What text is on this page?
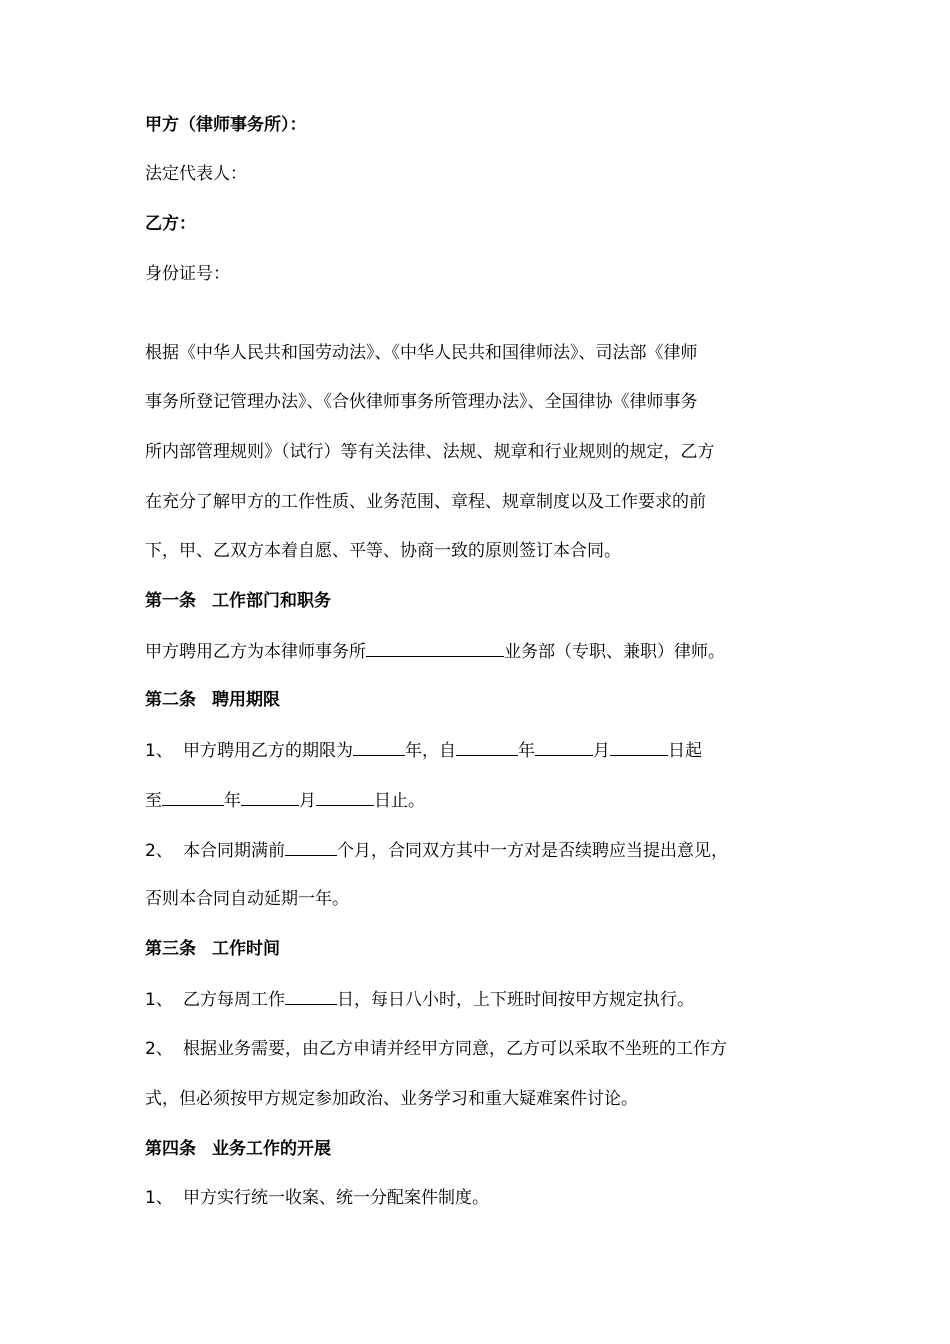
甲方（律师事务所）：
法定代表人：
乙方：
身份证号：
根据《中华人民共和国劳动法》、《中华人民共和国律师法》、司法部《律师
事务所登记管理办法》、《合伙律师事务所管理办法》、全国律协《律师事务
所内部管理规则》（试行）等有关法律、法规、规章和行业规则的规定，乙方
在充分了解甲方的工作性质、业务范围、章程、规章制度以及工作要求的前
下，甲、乙双方本着自愿、平等、协商一致的原则签订本合同。
第一条 工作部门和职务
甲方聘用乙方为本律师事务所	业务部（专职、兼职）律师。
第二条 聘用期限
1、 甲方聘用乙方的期限为	年，自	年	月	日起
至	年	月	日止。
2、 本合同期满前	个月，合同双方其中一方对是否续聘应当提出意见，
否则本合同自动延期一年。
第三条 工作时间
1、 乙方每周工作	日，每日八小时，上下班时间按甲方规定执行。
2、 根据业务需要，由乙方申请并经甲方同意，乙方可以采取不坐班的工作方
式，但必须按甲方规定参加政治、业务学习和重大疑难案件讨论。
第四条 业务工作的开展
1、 甲方实行统一收案、统一分配案件制度。
